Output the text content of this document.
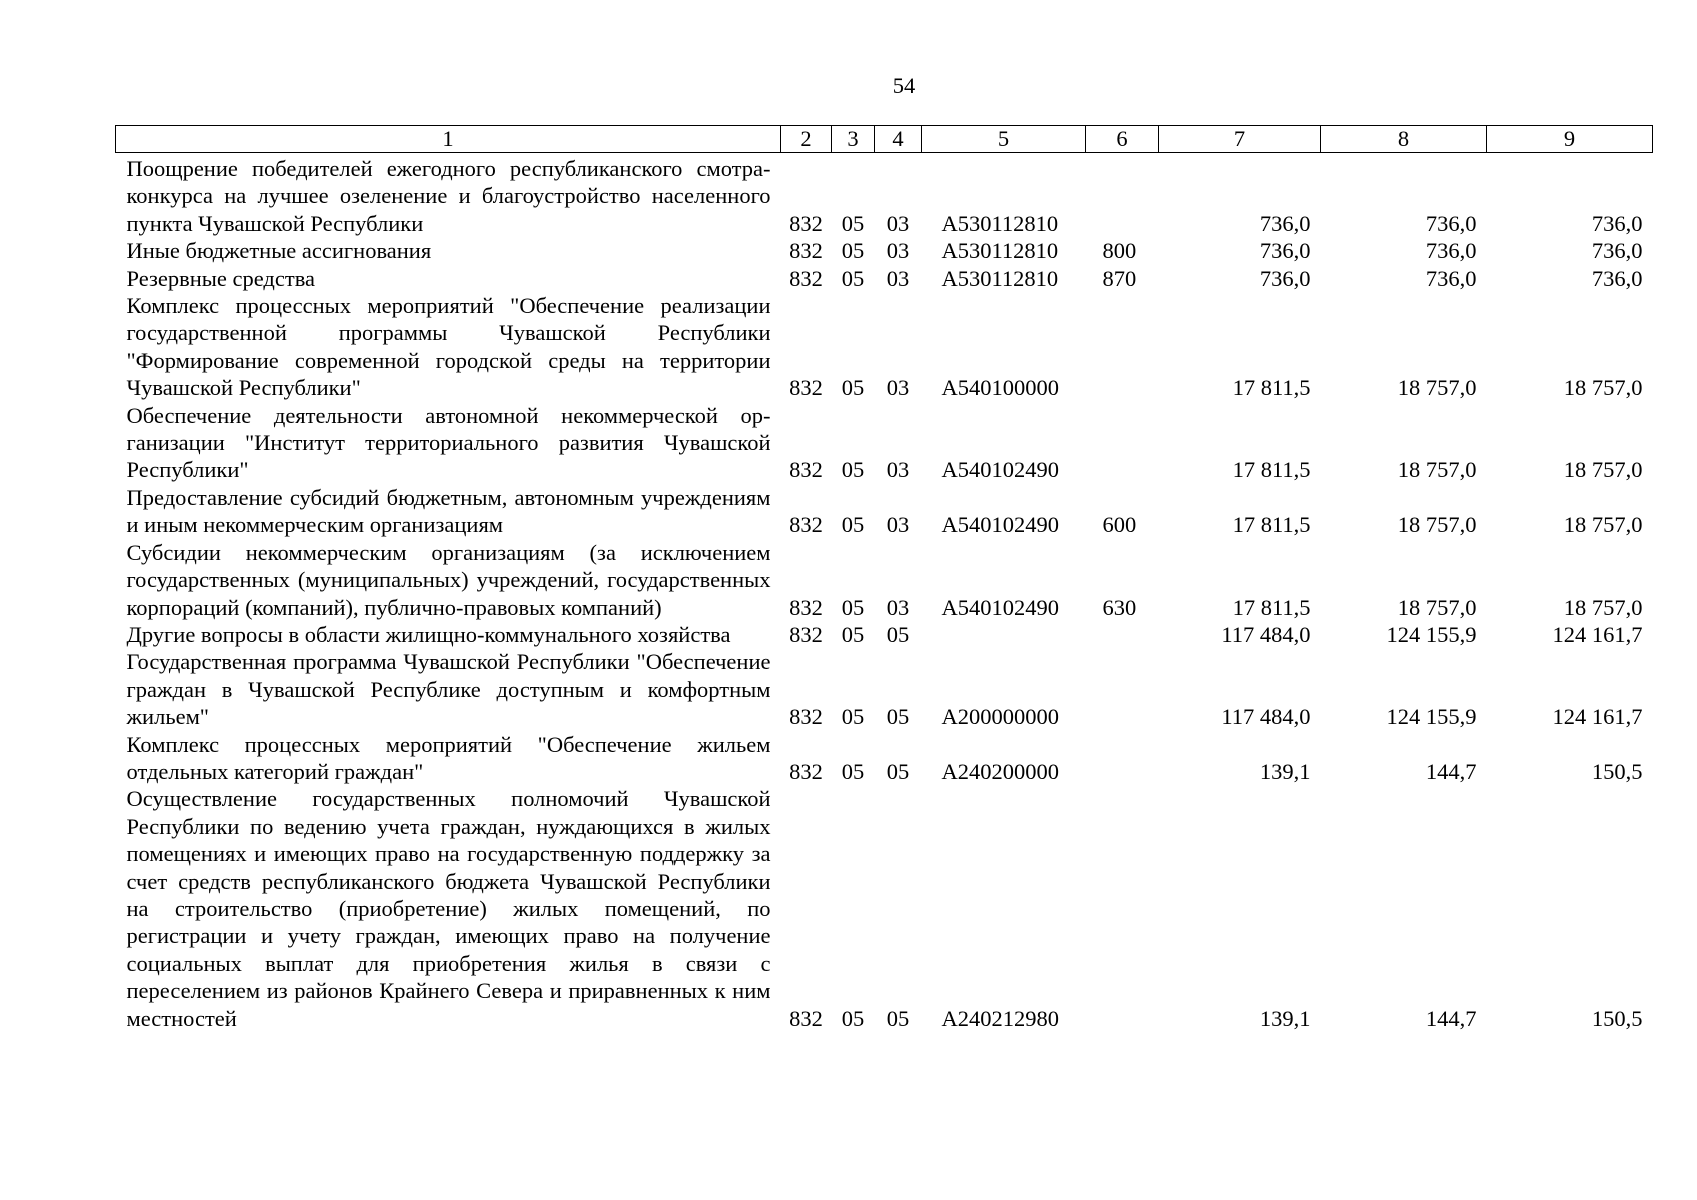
54
1	2	3	4	5	6	7	8	9
Поощрение победителей ежегодного республиканского смотра-конкурса на лучшее озеленение и благоустройство населенного пункта Чувашской Республики	832	05	03	А530112810		736,0	736,0	736,0
Иные бюджетные ассигнования	832	05	03	А530112810	800	736,0	736,0	736,0
Резервные средства	832	05	03	А530112810	870	736,0	736,0	736,0
Комплекс процессных мероприятий "Обеспечение реализации государственной программы Чувашской Республики "Формирование современной городской среды на территории Чувашской Республики"	832	05	03	А540100000		17 811,5	18 757,0	18 757,0
Обеспечение деятельности автономной некоммерческой организации "Институт территориального развития Чувашской Республики"	832	05	03	А540102490		17 811,5	18 757,0	18 757,0
Предоставление субсидий бюджетным, автономным учреждениям и иным некоммерческим организациям	832	05	03	А540102490	600	17 811,5	18 757,0	18 757,0
Субсидии некоммерческим организациям (за исключением государственных (муниципальных) учреждений, государственных корпораций (компаний), публично-правовых компаний)	832	05	03	А540102490	630	17 811,5	18 757,0	18 757,0
Другие вопросы в области жилищно-коммунального хозяйства	832	05	05			117 484,0	124 155,9	124 161,7
Государственная программа Чувашской Республики "Обеспечение граждан в Чувашской Республике доступным и комфортным жильем"	832	05	05	А200000000		117 484,0	124 155,9	124 161,7
Комплекс процессных мероприятий "Обеспечение жильем отдельных категорий граждан"	832	05	05	А240200000		139,1	144,7	150,5
Осуществление государственных полномочий Чувашской Республики по ведению учета граждан, нуждающихся в жилых помещениях и имеющих право на государственную поддержку за счет средств республиканского бюджета Чувашской Республики на строительство (приобретение) жилых помещений, по регистрации и учету граждан, имеющих право на получение социальных выплат для приобретения жилья в связи с переселением из районов Крайнего Севера и приравненных к ним местностей	832	05	05	А240212980		139,1	144,7	150,5
